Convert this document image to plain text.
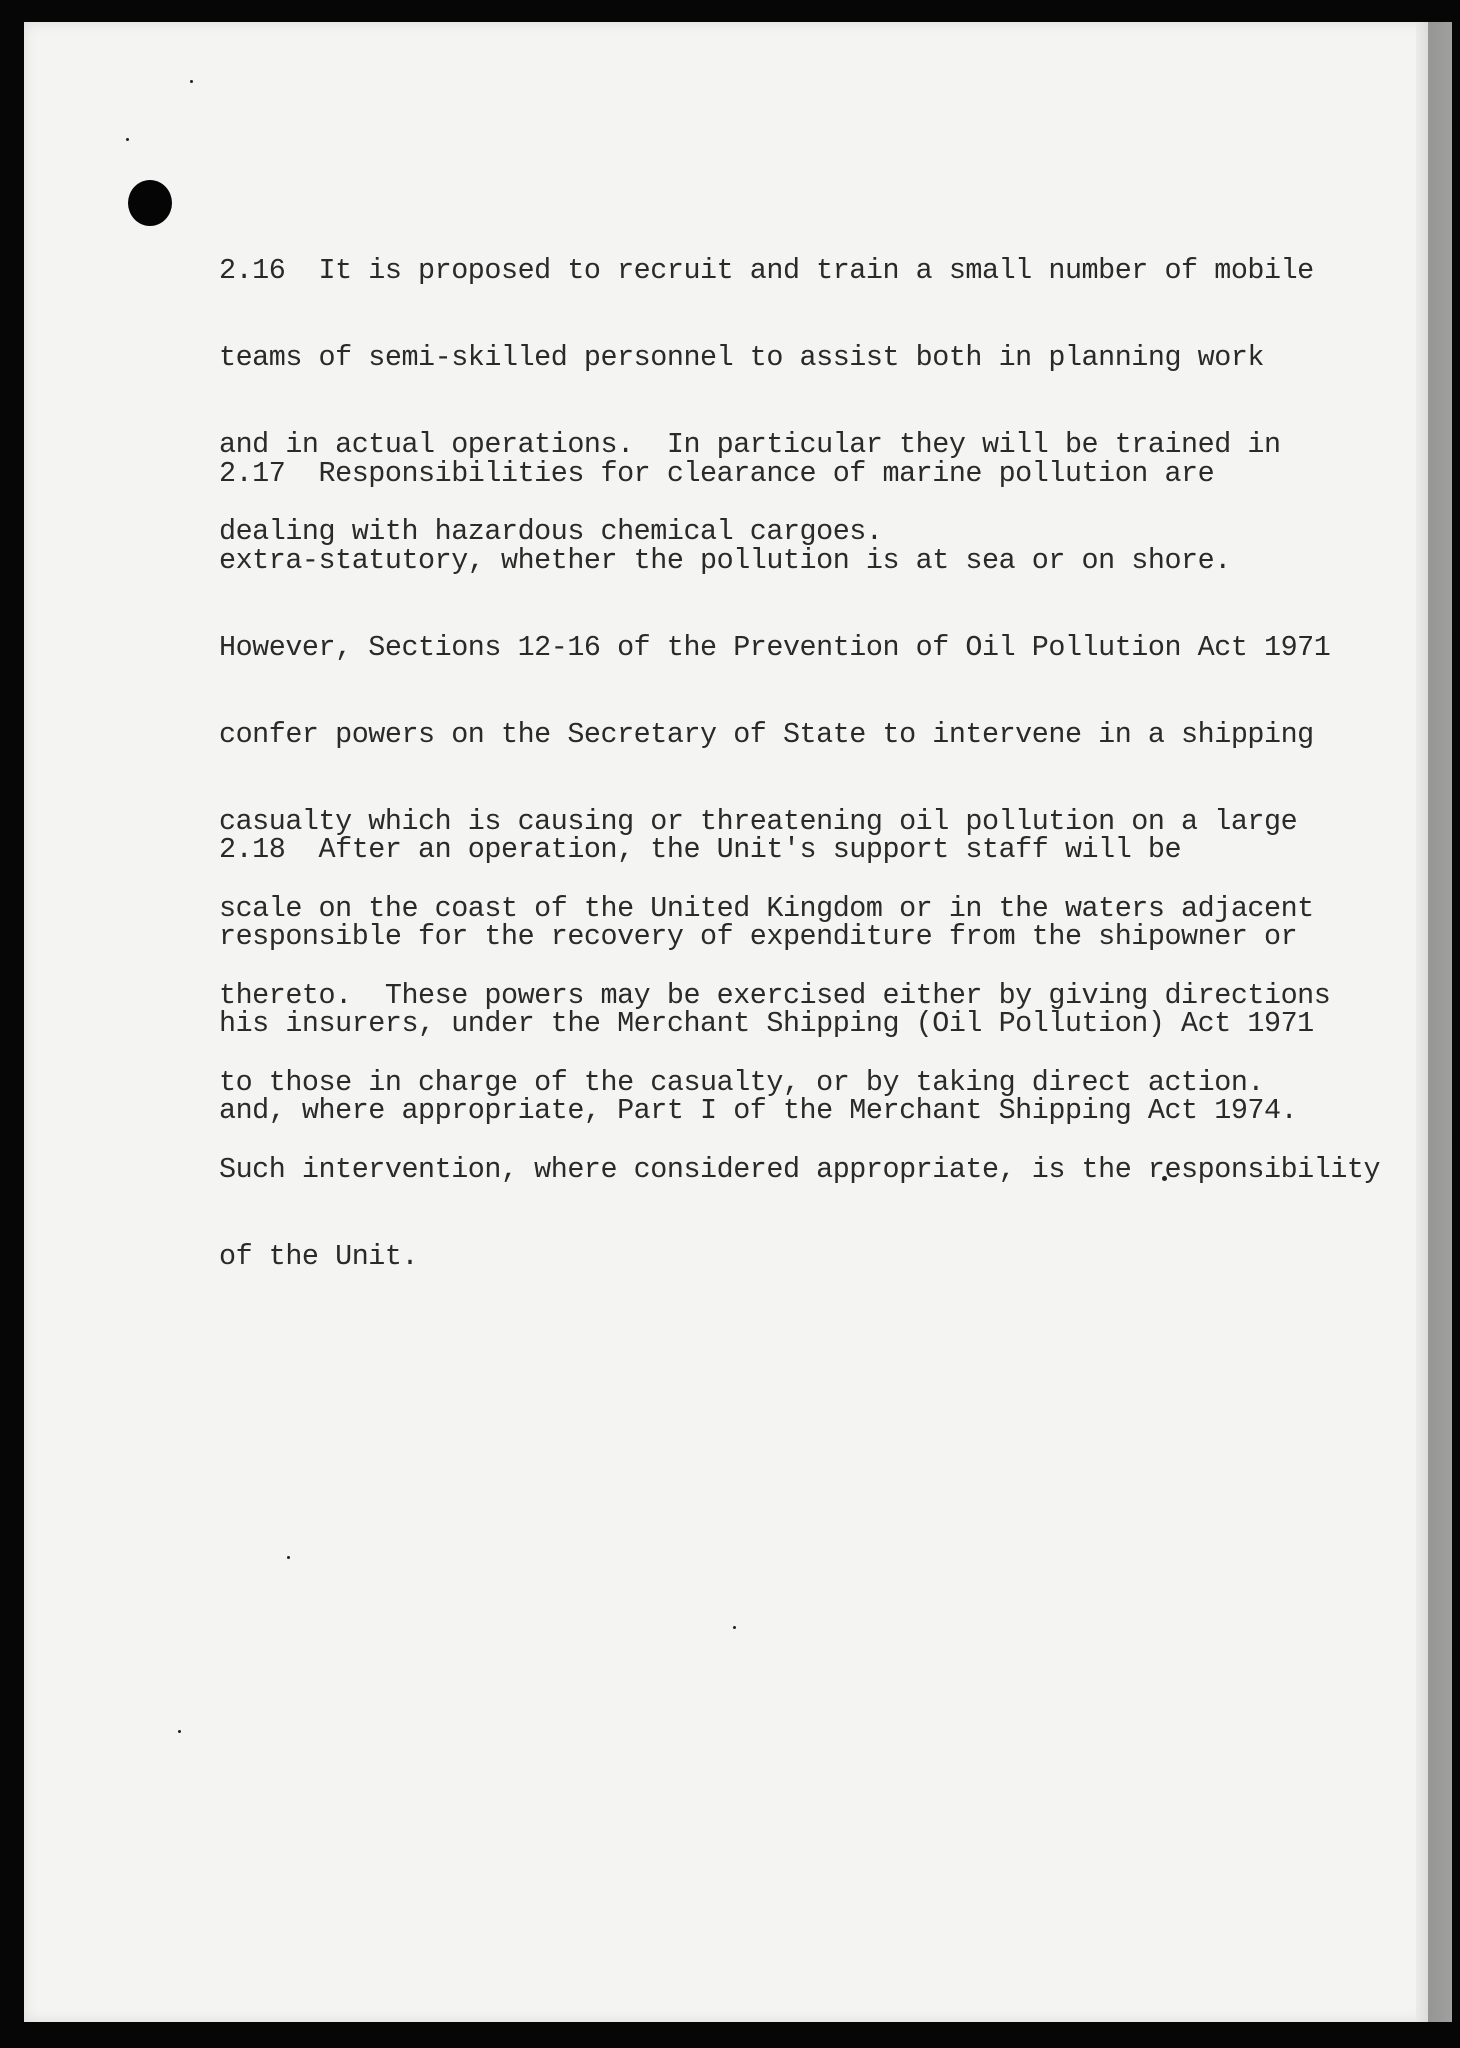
2.16  It is proposed to recruit and train a small number of mobile

teams of semi-skilled personnel to assist both in planning work

and in actual operations.  In particular they will be trained in

dealing with hazardous chemical cargoes.

2.17  Responsibilities for clearance of marine pollution are

extra-statutory, whether the pollution is at sea or on shore.

However, Sections 12-16 of the Prevention of Oil Pollution Act 1971

confer powers on the Secretary of State to intervene in a shipping

casualty which is causing or threatening oil pollution on a large

scale on the coast of the United Kingdom or in the waters adjacent

thereto.  These powers may be exercised either by giving directions

to those in charge of the casualty, or by taking direct action.

Such intervention, where considered appropriate, is the responsibility

of the Unit.

2.18  After an operation, the Unit's support staff will be

responsible for the recovery of expenditure from the shipowner or

his insurers, under the Merchant Shipping (Oil Pollution) Act 1971

and, where appropriate, Part I of the Merchant Shipping Act 1974.
